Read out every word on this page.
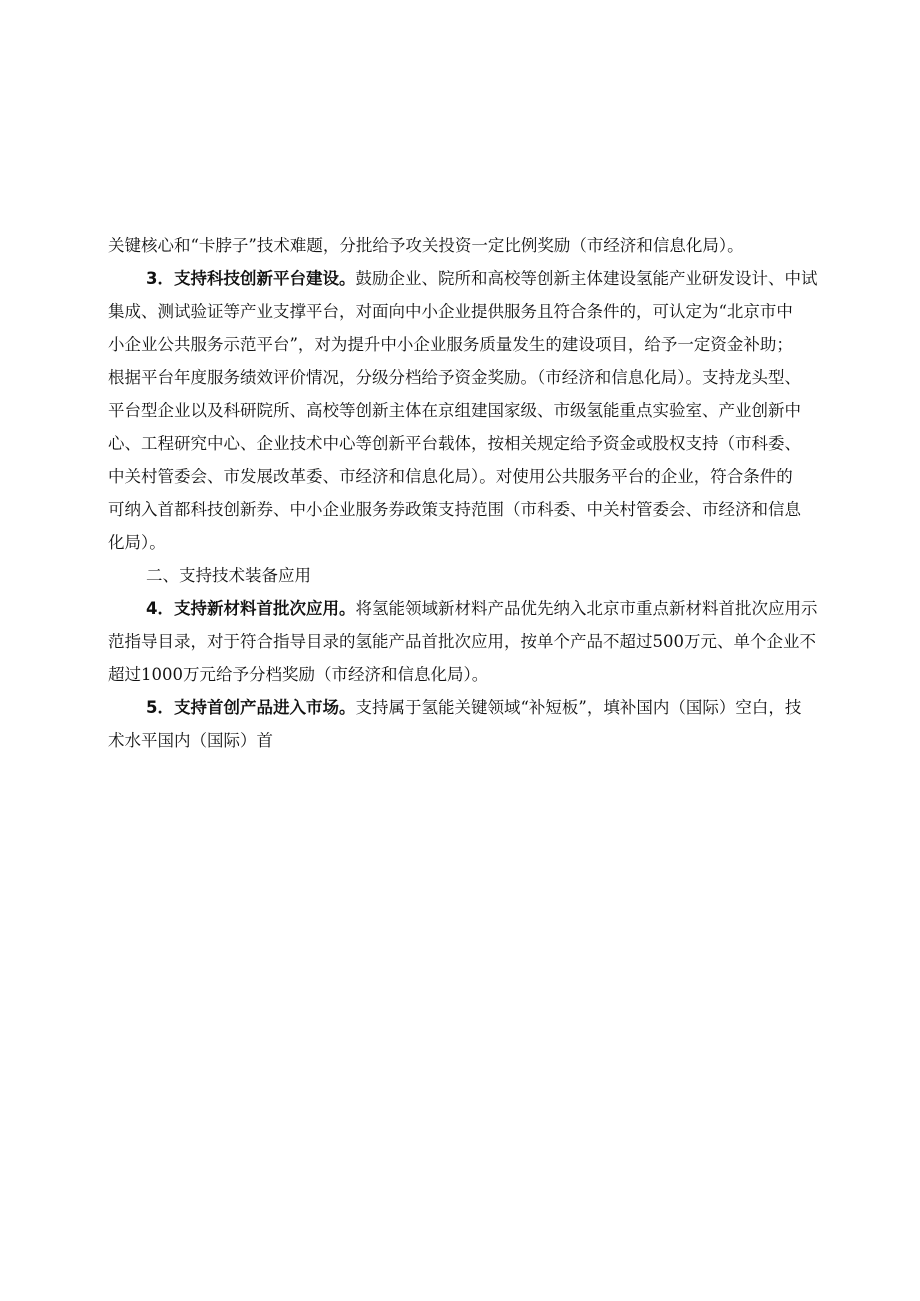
关键核心和“卡脖子”技术难题，分批给予攻关投资一定比例奖励（市经济和信息化局）。
3．支持科技创新平台建设。鼓励企业、院所和高校等创新主体建设氢能产业研发设计、中试
集成、测试验证等产业支撑平台，对面向中小企业提供服务且符合条件的，可认定为“北京市中
小企业公共服务示范平台”，对为提升中小企业服务质量发生的建设项目，给予一定资金补助；
根据平台年度服务绩效评价情况，分级分档给予资金奖励。（市经济和信息化局）。支持龙头型、
平台型企业以及科研院所、高校等创新主体在京组建国家级、市级氢能重点实验室、产业创新中
心、工程研究中心、企业技术中心等创新平台载体，按相关规定给予资金或股权支持（市科委、
中关村管委会、市发展改革委、市经济和信息化局）。对使用公共服务平台的企业，符合条件的
可纳入首都科技创新券、中小企业服务券政策支持范围（市科委、中关村管委会、市经济和信息
化局）。
二、支持技术装备应用
4．支持新材料首批次应用。将氢能领域新材料产品优先纳入北京市重点新材料首批次应用示
范指导目录，对于符合指导目录的氢能产品首批次应用，按单个产品不超过500万元、单个企业不
超过1000万元给予分档奖励（市经济和信息化局）。
5．支持首创产品进入市场。支持属于氢能关键领域“补短板”，填补国内（国际）空白，技
术水平国内（国际）首
